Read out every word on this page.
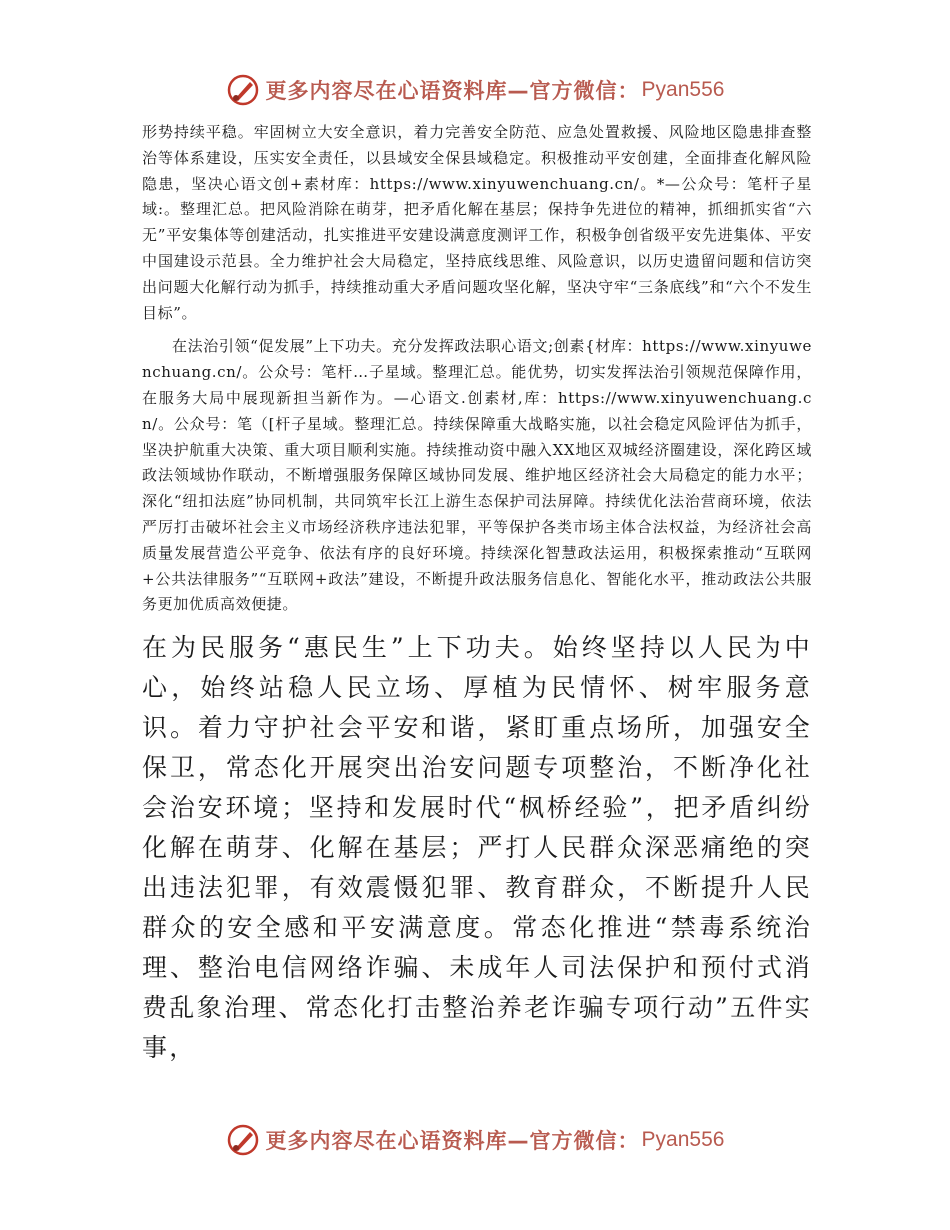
更多内容尽在心语资料库—官方微信： Pyan556

形势持续平稳。牢固树立大安全意识，着力完善安全防范、应急处置救援、风险地区隐患排查整治等体系建设，压实安全责任，以县域安全保县域稳定。积极推动平安创建，全面排查化解风险隐患，坚决心语文创+素材库：https://www.xinyuwenchuang.cn/。*—公众号：笔杆子星域:。整理汇总。把风险消除在萌芽，把矛盾化解在基层；保持争先进位的精神，抓细抓实省“六无”平安集体等创建活动，扎实推进平安建设满意度测评工作，积极争创省级平安先进集体、平安中国建设示范县。全力维护社会大局稳定，坚持底线思维、风险意识，以历史遗留问题和信访突出问题大化解行动为抓手，持续推动重大矛盾问题攻坚化解，坚决守牢“三条底线”和“六个不发生目标”。

在法治引领“促发展”上下功夫。充分发挥政法职心语文;创素{材库：https://www.xinyuwenchuang.cn/。公众号：笔杆…子星域。整理汇总。能优势，切实发挥法治引领规范保障作用，在服务大局中展现新担当新作为。—心语文.创素材,库：https://www.xinyuwenchuang.cn/。公众号：笔（[杆子星域。整理汇总。持续保障重大战略实施，以社会稳定风险评估为抓手，坚决护航重大决策、重大项目顺利实施。持续推动资中融入XX地区双城经济圈建设，深化跨区域政法领域协作联动，不断增强服务保障区域协同发展、维护地区经济社会大局稳定的能力水平；深化“纽扣法庭”协同机制，共同筑牢长江上游生态保护司法屏障。持续优化法治营商环境，依法严厉打击破坏社会主义市场经济秩序违法犯罪，平等保护各类市场主体合法权益，为经济社会高质量发展营造公平竞争、依法有序的良好环境。持续深化智慧政法运用，积极探索推动“互联网+公共法律服务”“互联网+政法”建设，不断提升政法服务信息化、智能化水平，推动政法公共服务更加优质高效便捷。

在为民服务“惠民生”上下功夫。始终坚持以人民为中心，始终站稳人民立场、厚植为民情怀、树牢服务意识。着力守护社会平安和谐，紧盯重点场所，加强安全保卫，常态化开展突出治安问题专项整治，不断净化社会治安环境；坚持和发展时代“枫桥经验”，把矛盾纠纷化解在萌芽、化解在基层；严打人民群众深恶痛绝的突出违法犯罪，有效震慑犯罪、教育群众，不断提升人民群众的安全感和平安满意度。常态化推进“禁毒系统治理、整治电信网络诈骗、未成年人司法保护和预付式消费乱象治理、常态化打击整治养老诈骗专项行动”五件实事，

更多内容尽在心语资料库—官方微信： Pyan556
